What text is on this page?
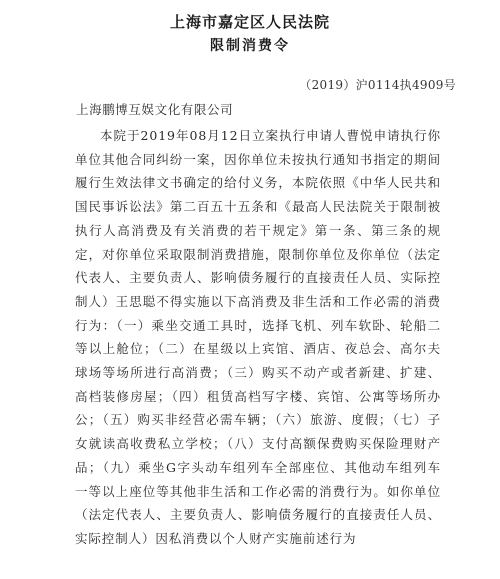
上海市嘉定区人民法院
限制消费令
（2019）沪0114执4909号
上海鹏博互娱文化有限公司

本院于2019年08月12日立案执行申请人曹悦申请执行你单位其他合同纠纷一案，因你单位未按执行通知书指定的期间履行生效法律文书确定的给付义务，本院依照《中华人民共和国民事诉讼法》第二百五十五条和《最高人民法院关于限制被执行人高消费及有关消费的若干规定》第一条、第三条的规定，对你单位采取限制消费措施，限制你单位及你单位（法定代表人、主要负责人、影响债务履行的直接责任人员、实际控制人）王思聪不得实施以下高消费及非生活和工作必需的消费行为：（一）乘坐交通工具时，选择飞机、列车软卧、轮船二等以上舱位；（二）在星级以上宾馆、酒店、夜总会、高尔夫球场等场所进行高消费；（三）购买不动产或者新建、扩建、高档装修房屋；（四）租赁高档写字楼、宾馆、公寓等场所办公；（五）购买非经营必需车辆；（六）旅游、度假；（七）子女就读高收费私立学校；（八）支付高额保费购买保险理财产品；（九）乘坐G字头动车组列车全部座位、其他动车组列车一等以上座位等其他非生活和工作必需的消费行为。如你单位（法定代表人、主要负责人、影响债务履行的直接责任人员、实际控制人）因私消费以个人财产实施前述行为
